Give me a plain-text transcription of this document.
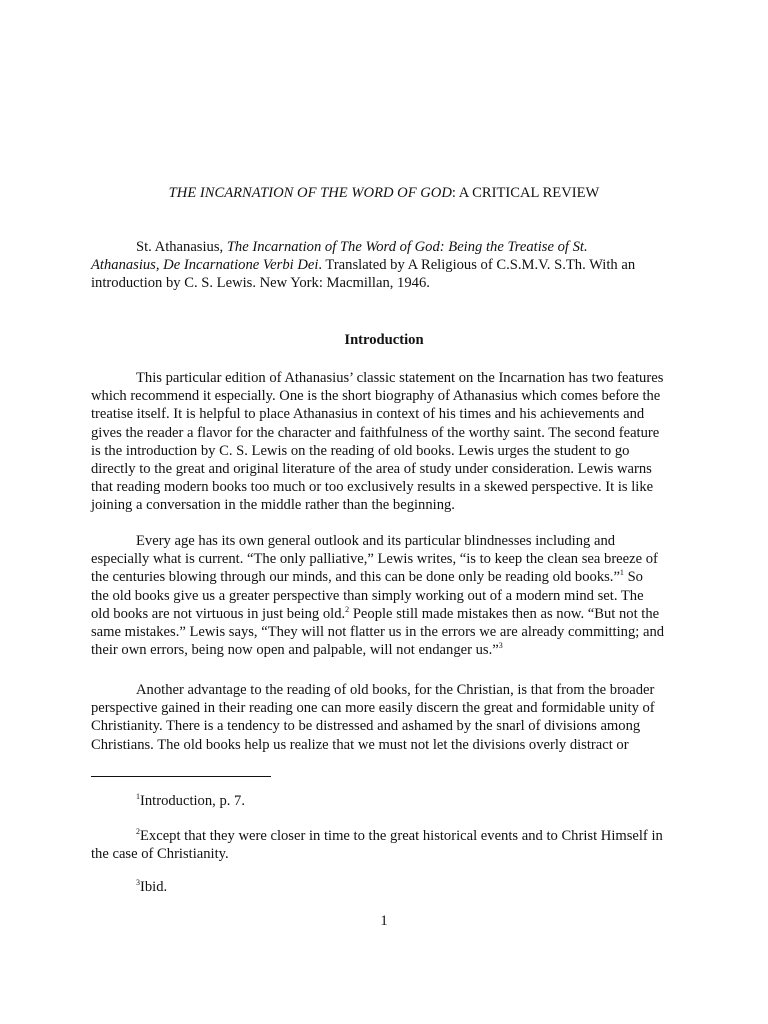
THE INCARNATION OF THE WORD OF GOD: A CRITICAL REVIEW

St. Athanasius, The Incarnation of The Word of God: Being the Treatise of St.
Athanasius, De Incarnatione Verbi Dei. Translated by A Religious of C.S.M.V. S.Th. With an
introduction by C. S. Lewis. New York: Macmillan, 1946.

Introduction

This particular edition of Athanasius’ classic statement on the Incarnation has two features
which recommend it especially. One is the short biography of Athanasius which comes before the
treatise itself. It is helpful to place Athanasius in context of his times and his achievements and
gives the reader a flavor for the character and faithfulness of the worthy saint. The second feature
is the introduction by C. S. Lewis on the reading of old books. Lewis urges the student to go
directly to the great and original literature of the area of study under consideration. Lewis warns
that reading modern books too much or too exclusively results in a skewed perspective. It is like
joining a conversation in the middle rather than the beginning.

Every age has its own general outlook and its particular blindnesses including and
especially what is current. “The only palliative,” Lewis writes, “is to keep the clean sea breeze of
the centuries blowing through our minds, and this can be done only be reading old books.”$^1$ So
the old books give us a greater perspective than simply working out of a modern mind set. The
old books are not virtuous in just being old.$^2$ People still made mistakes then as now. “But not the
same mistakes.” Lewis says, “They will not flatter us in the errors we are already committing; and
their own errors, being now open and palpable, will not endanger us.”$^3$

Another advantage to the reading of old books, for the Christian, is that from the broader
perspective gained in their reading one can more easily discern the great and formidable unity of
Christianity. There is a tendency to be distressed and ashamed by the snarl of divisions among
Christians. The old books help us realize that we must not let the divisions overly distract or

$^1$Introduction, p. 7.

$^2$Except that they were closer in time to the great historical events and to Christ Himself in
the case of Christianity.

$^3$Ibid.

1
